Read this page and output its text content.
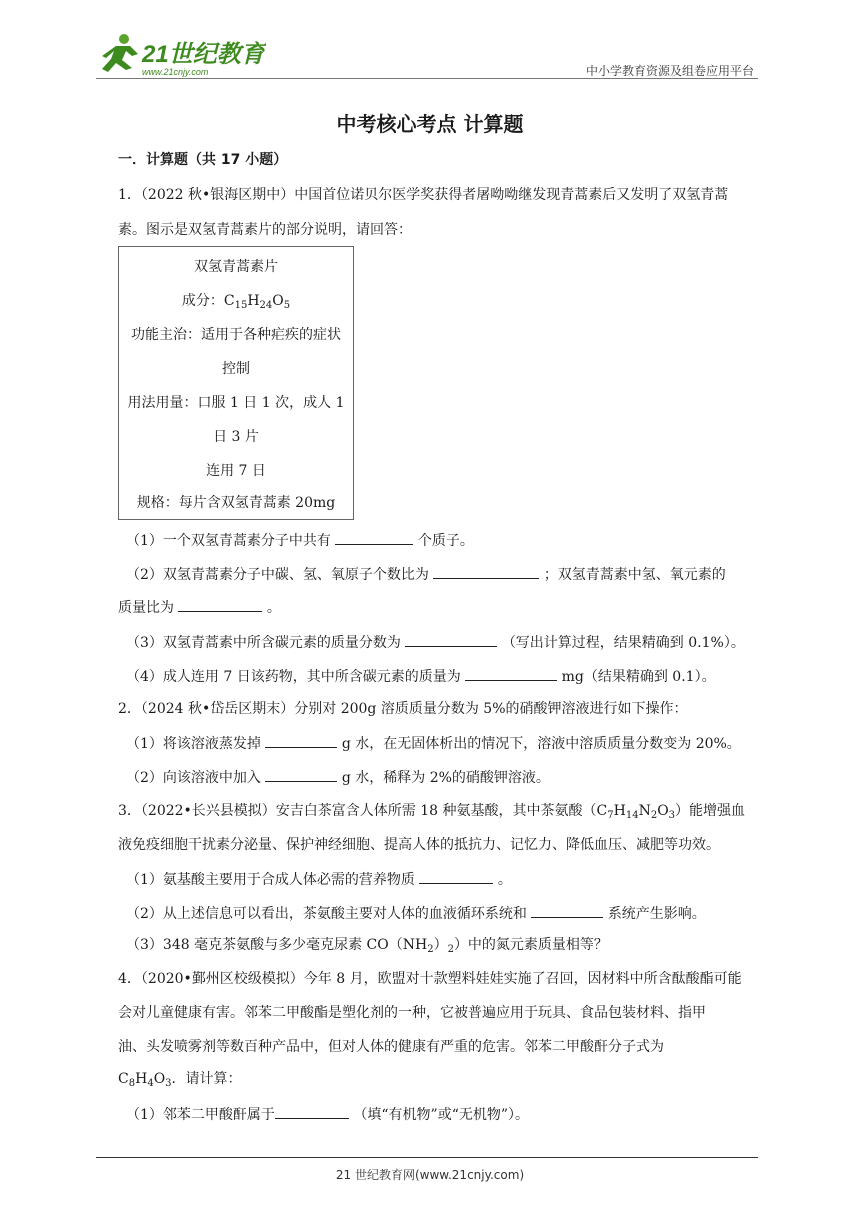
21世纪教育
www.21cnjy.com	中小学教育资源及组卷应用平台
中考核心考点 计算题
一．计算题（共 17 小题）
1．（2022 秋•银海区期中）中国首位诺贝尔医学奖获得者屠呦呦继发现青蒿素后又发明了双氢青蒿
素。图示是双氢青蒿素片的部分说明，请回答：
双氢青蒿素片
成分：$C_{15}H_{24}O_5$
功能主治：适用于各种疟疾的症状
控制
用法用量：口服 1 日 1 次，成人 1
日 3 片
连用 7 日
规格：每片含双氢青蒿素 20mg
（1）一个双氢青蒿素分子中共有	个质子。
（2）双氢青蒿素分子中碳、氢、氧原子个数比为	；双氢青蒿素中氢、氧元素的
质量比为	。
（3）双氢青蒿素中所含碳元素的质量分数为	（写出计算过程，结果精确到 0.1%）。
（4）成人连用 7 日该药物，其中所含碳元素的质量为	mg（结果精确到 0.1）。
2．（2024 秋•岱岳区期末）分别对 200g 溶质质量分数为 5%的硝酸钾溶液进行如下操作：
（1）将该溶液蒸发掉	g 水，在无固体析出的情况下，溶液中溶质质量分数变为 20%。
（2）向该溶液中加入	g 水，稀释为 2%的硝酸钾溶液。
3．（2022•长兴县模拟）安吉白茶富含人体所需 18 种氨基酸，其中茶氨酸$(C_7H_{14}N_2O_3)$能增强血
液免疫细胞干扰素分泌量、保护神经细胞、提高人体的抵抗力、记忆力、降低血压、减肥等功效。
（1）氨基酸主要用于合成人体必需的营养物质	。
（2）从上述信息可以看出，茶氨酸主要对人体的血液循环系统和	系统产生影响。
（3）348 毫克茶氨酸与多少毫克尿素 $CO(NH_2)_2$）中的氮元素质量相等？
4．（2020•鄞州区校级模拟）今年 8 月，欧盟对十款塑料娃娃实施了召回，因材料中所含酞酸酯可能
会对儿童健康有害。邻苯二甲酸酯是塑化剂的一种，它被普遍应用于玩具、食品包装材料、指甲
油、头发喷雾剂等数百种产品中，但对人体的健康有严重的危害。邻苯二甲酸酐分子式为
$C_8H_4O_3$．请计算：
（1）邻苯二甲酸酐属于	（填“有机物”或“无机物”）。
21 世纪教育网(www.21cnjy.com)
